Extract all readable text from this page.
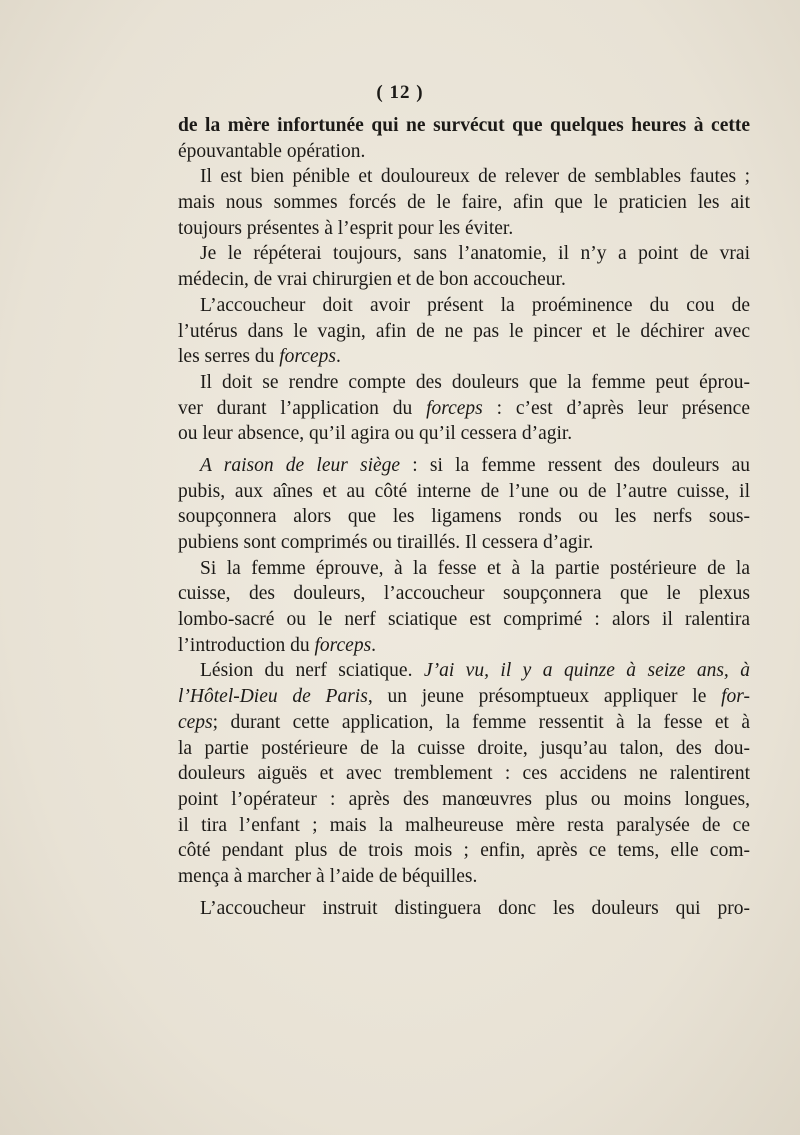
( 12 )
de la mère infortunée qui ne survécut que quelques heures à cette
épouvantable opération.
Il est bien pénible et douloureux de relever de semblables fautes ;
mais nous sommes forcés de le faire, afin que le praticien les ait
toujours présentes à l’esprit pour les éviter.
Je le répéterai toujours, sans l’anatomie, il n’y a point de vrai
médecin, de vrai chirurgien et de bon accoucheur.
L’accoucheur doit avoir présent la proéminence du cou de
l’utérus dans le vagin, afin de ne pas le pincer et le déchirer avec
les serres du forceps.
Il doit se rendre compte des douleurs que la femme peut éprou-
ver durant l’application du forceps : c’est d’après leur présence
ou leur absence, qu’il agira ou qu’il cessera d’agir.
A raison de leur siège : si la femme ressent des douleurs au
pubis, aux aînes et au côté interne de l’une ou de l’autre cuisse, il
soupçonnera alors que les ligamens ronds ou les nerfs sous-
pubiens sont comprimés ou tiraillés. Il cessera d’agir.
Si la femme éprouve, à la fesse et à la partie postérieure de la
cuisse, des douleurs, l’accoucheur soupçonnera que le plexus
lombo-sacré ou le nerf sciatique est comprimé : alors il ralentira
l’introduction du forceps.
Lésion du nerf sciatique. J’ai vu, il y a quinze à seize ans, à
l’Hôtel-Dieu de Paris, un jeune présomptueux appliquer le for-
ceps; durant cette application, la femme ressentit à la fesse et à
la partie postérieure de la cuisse droite, jusqu’au talon, des dou-
douleurs aiguës et avec tremblement : ces accidens ne ralentirent
point l’opérateur : après des manœuvres plus ou moins longues,
il tira l’enfant ; mais la malheureuse mère resta paralysée de ce
côté pendant plus de trois mois ; enfin, après ce tems, elle com-
mença à marcher à l’aide de béquilles.
L’accoucheur instruit distinguera donc les douleurs qui pro-
